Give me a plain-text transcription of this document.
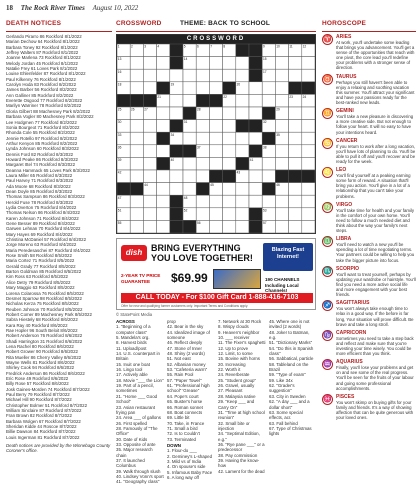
18 The Rock River Times August 10, 2022
DEATH NOTICES	CROSSWORD	THEME: BACK TO SCHOOL	HOROSCOPE
Gerlando Pirarro 86 Rockford 8/1/2022
Marian Dechow 64 Rockford 8/1/2022
Barbara Toney 92 Rockford 8/1/2022
Jeffrey Walters 87 Rockford 8/1/2022
Joanne Marlena 73 Rockford 8/1/2022
Melody Jordan 45 Rockford 8/1/2022
Natalie Frey 61 Loves Park 8/1/2022
Louise Ehlenfelder 87 Rockford 8/1/2022
Paul Kilkenny 76 Rockford 8/1/2022
Carolyn Hoda 83 Rockford 8/2/2022
James Barber 56 Rockford 8/2/2022
Ann Galliner 85 Rockford 8/2/2022
Everette Osgood 77 Rockford 8/2/2022
Marilyn Warriner 78 Rockford 8/2/2022
Gloria Gilbert 88 Machesney Park 8/2/2022
Barbara Vogler 80 Machesney Park 8/2/2022
Lee Hodgmen 77 Rockford 8/2/2022
Sonia Bourgeot 71 Rockford 8/2/2022
Rhonda Cole 55 Rockford 8/2/2022
Jennie Rotello 97 Rockford 8/2/2022
Arthur Kenyon 85 Rockford 8/2/2022
Lynda Johnson 60 Rockford 8/3/2022
Dennis Ford 82 Rockford 8/3/2022
Howard Peake 86 Rockford 8/3/2022
Margaret Ittel 74 Rockford 8/3/2022
Deanna Hammack 65 Loves Park 8/3/2022
Laura Miller 65 Rockford 8/3/2022
Paul Harvey 71 Rockford 8/3/2022
Ada Moore 68 Rockford 8/3/2022
Dean Doyle 85 Rockford 8/3/2022
Thomas Sampson 86 Rockford 8/3/2022
Herold Fuse 78 Rockford 8/3/2022
Lydia Overton 75 Rockford 8/4/2022
Thomas Nelson 86 Rockford 8/4/2022
Karen Johnson 71 Rockford 8/4/2022
Gene Besser 89 Rockford 8/4/2022
Garwen Lehnan 70 Rockford 8/4/2022
Mary Hayes 69 Rockford 8/4/2022
Christina McDaniel 57 Rockford 8/4/2022
Jorge Moreno 63 Rockford 8/4/2022
Maria Peredesaschei 87 Rockford 8/4/2022
Rose Smith 58 Rockford 8/5/2022
Maria Cortez 71 Rockford 8/5/2022
Gerald Grady 77 Rockford 8/5/2022
Barton Goldman 85 Rockford 8/5/2022
Kim Ross 63 Rockford 8/5/2022
Alice Detry 79 Rockford 8/5/2022
Mary Maggio 63 Rockford 8/5/2022
Lorena Colarossa 76 Rockford 8/5/2022
Desmet Sparrow 98 Rockford 8/5/2022
Nicholas Kerza 75 Rockford 8/5/2022
Reuben Johnson 70 Rockford 8/5/2022
Robert Comer 89 Machesney Park 8/5/2022
Sabra Hiestely 68 Rockford 8/6/2022
Kara Ray 40 Rockford 8/6/2022
Rae Hopler 96 South Beloit 8/6/2022
Robert Anderson 76 Rockford 8/6/2022
Shadi Harrington 31 Rockford 8/6/2022
Lena Rachel 80 Rockford 8/6/2022
Robert Grower 90 Rockford 8/6/2022
Rita Mueller 86 Cherry Valley 8/6/2022
Wayne Wells 81 Rockford 8/6/2022
Shirley Cook 94 Rockford 8/6/2022
Fredrick Anderson 86 Rockford 8/6/2022
Eric Rose 49 Rockford 8/6/2022
Billy Rose 57 Rockford 8/6/2022
Josk Gaines-Morden 74 Rockford 8/7/2022
Paul Berry 79 Rockford 8/7/2022
Michael Hill 90 Rockford 8/7/2022
Christopher Bolmer 51 Rockford 8/7/2022
William Sinclaire 87 Rockford 8/7/2022
Fran Brown 82 Rockford 8/7/2022
Barbara Wolgen 67 Rockford 8/7/2022
Sheridan Kidde 44 Roscoe 8/7/2022
Billie Dawson 84 Rockford 8/7/2022
Louis Ingerman 81 Rockford 8/7/2022
Death notices are provided by the Winnebago County Coroner's office.
CROSSWORD
1	2	3	4	5	6	7	8	9	10	11	12
13	14	15
16	17
18	19	20
21	22	23	24
25	26	27	28	29
30	31	32
33	34	35
36	37	38
39	40	41
42	43
44	45	46
47	48
51	52	53
55	56	57
dish BRING EVERYTHING YOU LOVE TOGETHER!
Blazing Fast Internet!
2-YEAR TV PRICE GUARANTEE	$69.99	190 CHANNELS Including Local Channels!
CALL TODAY - For $100 Gift Card 1-888-416-7103
Offer for new and qualifying former customers only. Important Terms and Conditions apply.
© StatePoint Media
ACROSS
1. "Beginning of a computer class"
5. Mandela's org.
8. Harvest birds
11. Upload/post
14. U.S. counterpart in Britain
15. Inuit one boat
16. Lingo tool
17. Actively able
18. Movie "___ the Lion"
19. Part of a pencil, sometimes
21. "Home ___ Good School"
23. Asian restaurant frying pan
24. Area ___ of gallons
26. First spelled
28. Famously of "The Office"
30. Date of Kids
33. Opposite of ante
35. Major research chain
37. It launched Columbus
39. Walk through slush
40. Lindsey Vonn's sport
41. "Geography class"
prop
42. Bear in the sky
44. Idealized image of someone
46. Reflect deeply
47. Stone of Inner
48. Shiny (2 words)
51. Not east
52. Albanian money
53. "Cafeteria warm"
55. Rain Pool
57. "Paper Towel"
61. "Professional high school" 'Grease"
64. Pope's court
65. Buster's horse
66. Roman sonnet
68. Boat connects
69. Little bit
70. Take, in France
71. Small a bird
72. Is to Couldn't
73. Terminated
DOWN
1. Flour-do ___
2. Geminey's L-shaped
3. Mild vs of India
4. On spouse's side
5. Infamous Baby Face
6. A long way off
7. Network at 30 Rock
8. Wispy clouds
9. Heaven's neighbor
10. ___ receiver
11. The Fixer's spaghetti
12. Up to prove
12. Limit, to some
15. Bovine with horns
20. Increasing
22. Worth it
24. Reverberate
25. "Student group"
26. Gravel, usually
27. Pleasant
28. Malaysia native
29. "Keep ___ and Carry On"
31. "Time at high school reunion"
32. Small bite or injection
34. "Septimal Edition, e.g."
36. "Rye pane ___" or a predecessor
38. Pay commission
39. Having the know-how
42. Lament for the dead
45. Where one is not invited (2 words)
48. Joker to Batman, e.g.
51. "Dictionary Marks"
54. "Do this in Spanish class"
56. Sabbatical, particle
58. Tableland on the Brazil
59. "Type of exam"
59. Like 34x
62. "Grader's suggestion"
63. City in Sweden
62. "A day ___ and a dollar short"
63. Some special effects, acr.
63. Fall behind
67. Type of Christmas lights
♈ ARIES
At work, you'll undertake some leading that brings you advancement. You'll get a sense of the opportunities that reach with one pivot, the core lead you'll redefine your problems with a stronger sense of direction.
♉ TAURUS
Perhaps you still haven't been able to enjoy a relaxing and soothing vacation this summer. You'll attract your significant and have your passions ready for the best-ranked new leads.
♊ GEMINI
You'll take a new pleasure in discovering a more creative side. But not enough to follow your heart. It will no easy to have your intentions heard.
♋ CANCER
If you return to work after a long vacation, you'll have lots of planning to do. You'll be able to pull it off and you'll recover and be ready for the week.
♌ LEO
You'll find yourself at a peaking earning some form of reward. A situation that'll bring you action. You'll give in a lot of a relationship that you can't take your problems.
♍ VIRGO
You'll take time for health and your family in the comfort of your own home. You'll need to follow a much needed diet and think about the way your family's next steps.
♎ LIBRA
You'll need to watch a new you'll be spending a lot of time negotiating terms. Your partners could be willing to help you take the bigger picture into focus.
♏ SCORPIO
You'll want to treat yourself, perhaps by updating your wardrobe or hairstyle. You'll find you need a more active social life and more engagement with your best friends.
♐ SAGITTARIUS
You won't always take enough time to relax in a good way. If the before is far long, Your situation will prove difficult. Be brave and take a long stroll.
♑ CAPRICORN
Sometimes you need to take a step back and reflect and make sure that you're investing your time wisely. You could be more efficient than you think.
♒ AQUARIUS
Finally, you'll lose your problems and get on and see some of the real progress. You'll be seen for the fruits of your labour and going some professional accomplishments.
♓ PISCES
You won't skimp on buying gifts for your family and friends. It's a way of showing affection that can be quite generous with your loved ones.
